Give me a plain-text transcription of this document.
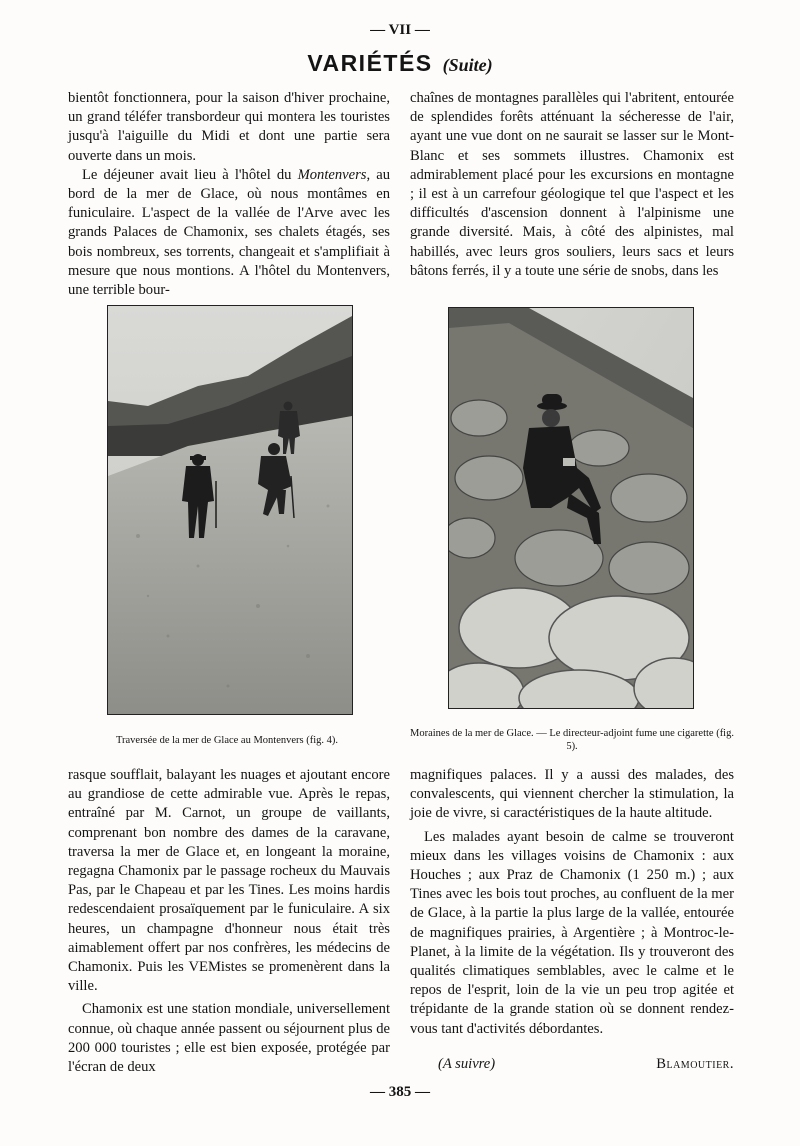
— VII —
VARIÉTÉS (Suite)

bientôt fonctionnera, pour la saison d'hiver prochaine, un grand téléfer transbordeur qui montera les touristes jusqu'à l'aiguille du Midi et dont une partie sera ouverte dans un mois.

Le déjeuner avait lieu à l'hôtel du Montenvers, au bord de la mer de Glace, où nous montâmes en funiculaire. L'aspect de la vallée de l'Arve avec les grands Palaces de Chamonix, ses chalets étagés, ses bois nombreux, ses torrents, changeait et s'amplifiait à mesure que nous montions. A l'hôtel du Montenvers, une terrible bour-

chaînes de montagnes parallèles qui l'abritent, entourée de splendides forêts atténuant la sécheresse de l'air, ayant une vue dont on ne saurait se lasser sur le Mont-Blanc et ses sommets illustres. Chamonix est admirablement placé pour les excursions en montagne ; il est à un carrefour géologique tel que l'aspect et les difficultés d'ascension donnent à l'alpinisme une grande diversité. Mais, à côté des alpinistes, mal habillés, avec leurs gros souliers, leurs sacs et leurs bâtons ferrés, il y a toute une série de snobs, dans les

Traversée de la mer de Glace au Montenvers (fig. 4).
Moraines de la mer de Glace. — Le directeur-adjoint fume une cigarette (fig. 5).

rasque soufflait, balayant les nuages et ajoutant encore au grandiose de cette admirable vue. Après le repas, entraîné par M. Carnot, un groupe de vaillants, comprenant bon nombre des dames de la caravane, traversa la mer de Glace et, en longeant la moraine, regagna Chamonix par le passage rocheux du Mauvais Pas, par le Chapeau et par les Tines. Les moins hardis redescendaient prosaïquement par le funiculaire. A six heures, un champagne d'honneur nous était très aimablement offert par nos confrères, les médecins de Chamonix. Puis les VEMistes se promenèrent dans la ville.

Chamonix est une station mondiale, universellement connue, où chaque année passent ou séjournent plus de 200 000 touristes ; elle est bien exposée, protégée par l'écran de deux

magnifiques palaces. Il y a aussi des malades, des convalescents, qui viennent chercher la stimulation, la joie de vivre, si caractéristiques de la haute altitude.

Les malades ayant besoin de calme se trouveront mieux dans les villages voisins de Chamonix : aux Houches ; aux Praz de Chamonix (1 250 m.) ; aux Tines avec les bois tout proches, au confluent de la mer de Glace, à la partie la plus large de la vallée, entourée de magnifiques prairies, à Argentière ; à Montroc-le-Planet, à la limite de la végétation. Ils y trouveront des qualités climatiques semblables, avec le calme et le repos de l'esprit, loin de la vie un peu trop agitée et trépidante de la grande station où se donnent rendez-vous tant d'activités débordantes.

(A suivre)	Blamoutier.
— 385 —
